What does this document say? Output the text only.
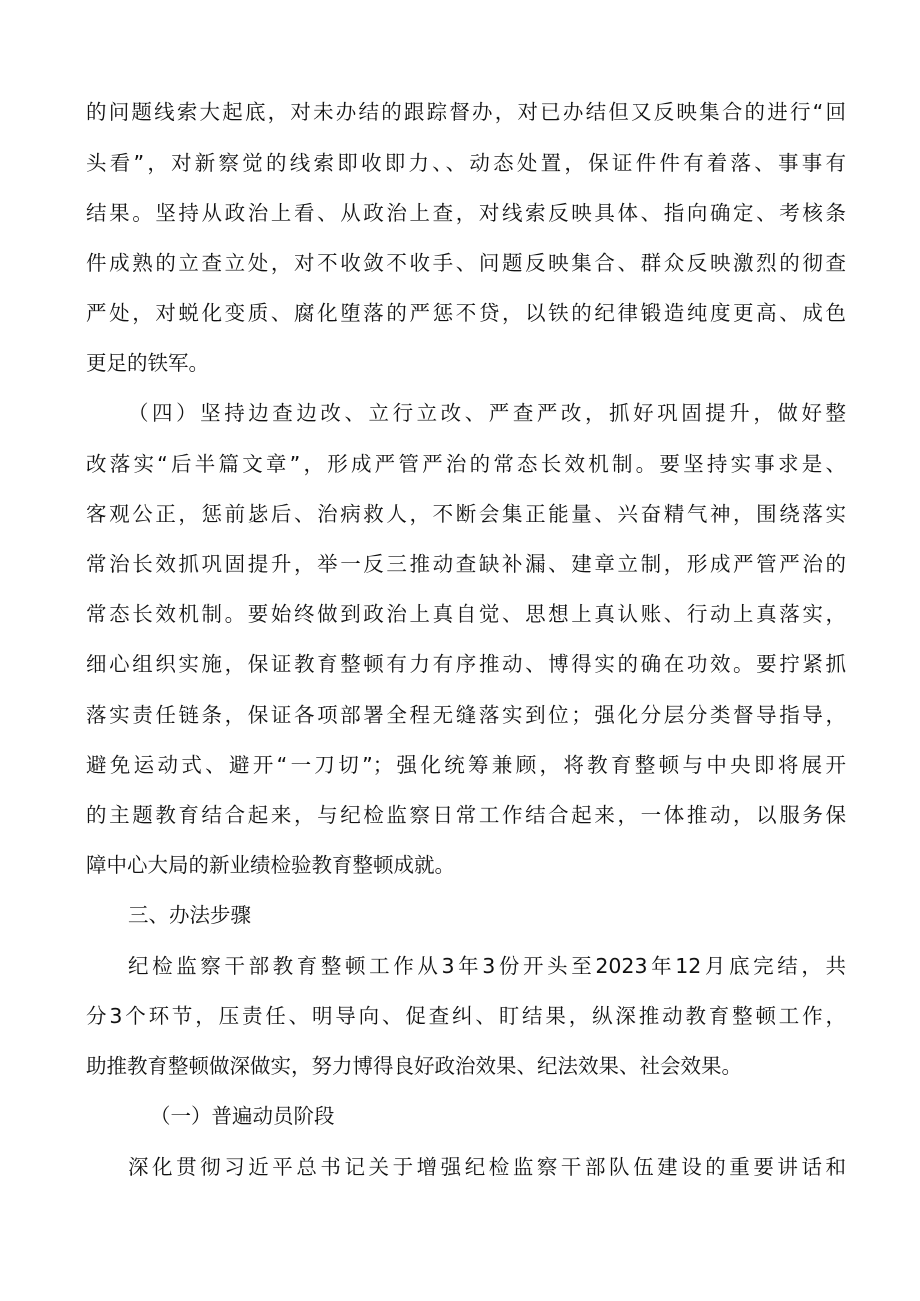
的问题线索大起底，对未办结的跟踪督办，对已办结但又反映集合的进行“回
头看”，对新察觉的线索即收即力、、动态处置，保证件件有着落、事事有
结果。坚持从政治上看、从政治上查，对线索反映具体、指向确定、考核条
件成熟的立查立处，对不收敛不收手、问题反映集合、群众反映激烈的彻查
严处，对蜕化变质、腐化堕落的严惩不贷，以铁的纪律锻造纯度更高、成色
更足的铁军。
（四）坚持边查边改、立行立改、严查严改，抓好巩固提升，做好整
改落实“后半篇文章”，形成严管严治的常态长效机制。要坚持实事求是、
客观公正，惩前毖后、治病救人，不断会集正能量、兴奋精气神，围绕落实
常治长效抓巩固提升，举一反三推动查缺补漏、建章立制，形成严管严治的
常态长效机制。要始终做到政治上真自觉、思想上真认账、行动上真落实，
细心组织实施，保证教育整顿有力有序推动、博得实的确在功效。要拧紧抓
落实责任链条，保证各项部署全程无缝落实到位；强化分层分类督导指导，
避免运动式、避开“一刀切”；强化统筹兼顾，将教育整顿与中央即将展开
的主题教育结合起来，与纪检监察日常工作结合起来，一体推动，以服务保
障中心大局的新业绩检验教育整顿成就。
三、办法步骤
纪检监察干部教育整顿工作从3年3份开头至2023年12月底完结，共
分3个环节，压责任、明导向、促查纠、盯结果，纵深推动教育整顿工作，
助推教育整顿做深做实，努力博得良好政治效果、纪法效果、社会效果。
（一）普遍动员阶段
深化贯彻习近平总书记关于增强纪检监察干部队伍建设的重要讲话和
